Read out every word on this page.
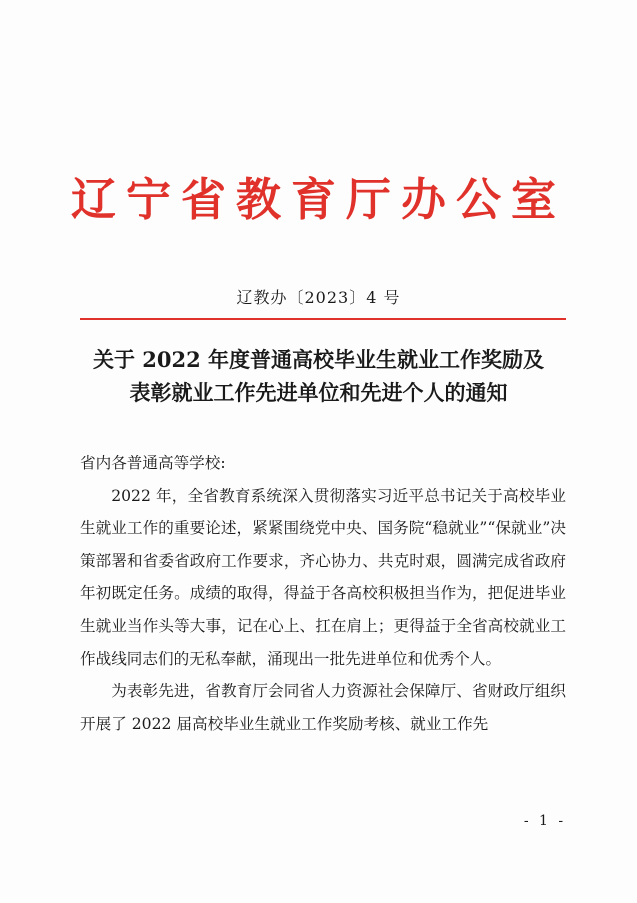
辽宁省教育厅办公室
辽教办〔2023〕4 号
关于 2022 年度普通高校毕业生就业工作奖励及
表彰就业工作先进单位和先进个人的通知

省内各普通高等学校:

2022 年，全省教育系统深入贯彻落实习近平总书记关于高校毕业生就业工作的重要论述，紧紧围绕党中央、国务院“稳就业”“保就业”决策部署和省委省政府工作要求，齐心协力、共克时艰，圆满完成省政府年初既定任务。成绩的取得，得益于各高校积极担当作为，把促进毕业生就业当作头等大事，记在心上、扛在肩上；更得益于全省高校就业工作战线同志们的无私奉献，涌现出一批先进单位和优秀个人。

为表彰先进，省教育厅会同省人力资源社会保障厅、省财政厅组织开展了 2022 届高校毕业生就业工作奖励考核、就业工作先

- 1 -
